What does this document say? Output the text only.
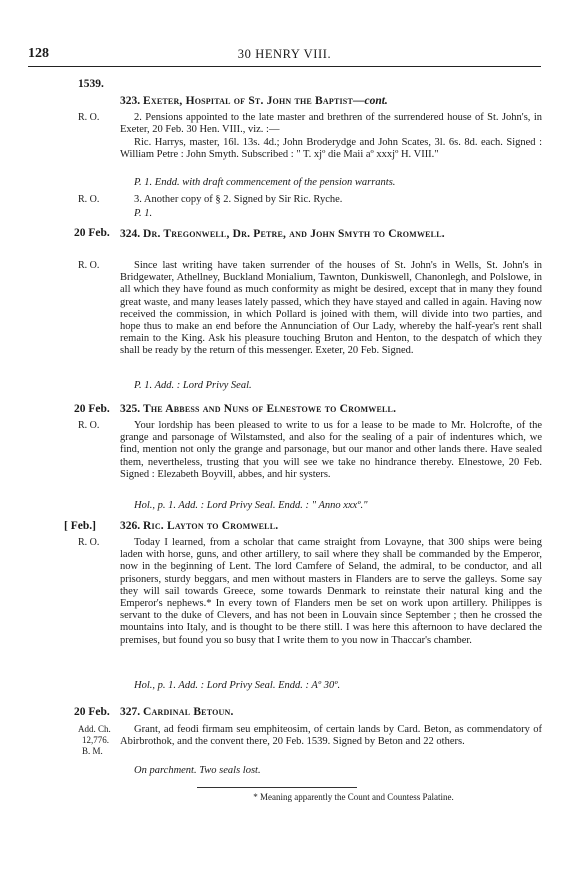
128	30 HENRY VIII.
1539.
323. Exeter, Hospital of St. John the Baptist—cont.
R. O.	2. Pensions appointed to the late master and brethren of the surrendered house of St. John's, in Exeter, 20 Feb. 30 Hen. VIII., viz. :—
Ric. Harrys, master, 16l. 13s. 4d.; John Broderydge and John Scates, 3l. 6s. 8d. each. Signed : William Petre : John Smyth. Subscribed : " T. xjº die Maii aº xxxjº H. VIII."
P. 1. Endd. with draft commencement of the pension warrants.
R. O.	3. Another copy of § 2. Signed by Sir Ric. Ryche.
P. 1.
20 Feb. 324. Dr. Tregonwell, Dr. Petre, and John Smyth to Cromwell.
R. O.	Since last writing have taken surrender of the houses of St. John's in Wells, St. John's in Bridgewater, Athellney, Buckland Monialium, Tawnton, Dunkiswell, Chanonlegh, and Polslowe, in all which they have found as much conformity as might be desired, except that in many they found great waste, and many leases lately passed, which they have stayed and called in again. Having now received the commission, in which Pollard is joined with them, will divide into two parties, and hope thus to make an end before the Annunciation of Our Lady, whereby the half-year's rent shall remain to the King. Ask his pleasure touching Bruton and Henton, to the despatch of which they shall be ready by the return of this messenger. Exeter, 20 Feb. Signed.
P. 1. Add. : Lord Privy Seal.
20 Feb. 325. The Abbess and Nuns of Elnestowe to Cromwell.
R. O.	Your lordship has been pleased to write to us for a lease to be made to Mr. Holcrofte, of the grange and parsonage of Wilstamsted, and also for the sealing of a pair of indentures which, we find, mention not only the grange and parsonage, but our manor and other lands there. Have sealed them, nevertheless, trusting that you will see we take no hindrance thereby. Elnestowe, 20 Feb. Signed : Elezabeth Boyvill, abbes, and hir systers.
Hol., p. 1. Add. : Lord Privy Seal. Endd. : " Anno xxxº."
[ Feb.] 326. Ric. Layton to Cromwell.
R. O.	Today I learned, from a scholar that came straight from Lovayne, that 300 ships were being laden with horse, guns, and other artillery, to sail where they shall be commanded by the Emperor, now in the beginning of Lent. The lord Camfere of Seland, the admiral, to be conductor, and all prisoners, sturdy beggars, and men without masters in Flanders are to serve the galleys. Some say they will sail towards Greece, some towards Denmark to reinstate their natural king and the Emperor's nephews.* In every town of Flanders men be set on work upon artillery. Philippes is servant to the duke of Clevers, and has not been in Louvain since September ; then he crossed the mountains into Italy, and is thought to be there still. I was here this afternoon to have declared the premises, but found you so busy that I write them to you now in Thaccar's chamber.
Hol., p. 1. Add. : Lord Privy Seal. Endd. : Aº 30º.
20 Feb. 327. Cardinal Betoun.
Add. Ch.
12,776.
B. M.
Grant, ad feodi firmam seu emphiteosim, of certain lands by Card. Beton, as commendatory of Abirbrothok, and the convent there, 20 Feb. 1539. Signed by Beton and 22 others.
On parchment. Two seals lost.
* Meaning apparently the Count and Countess Palatine.
